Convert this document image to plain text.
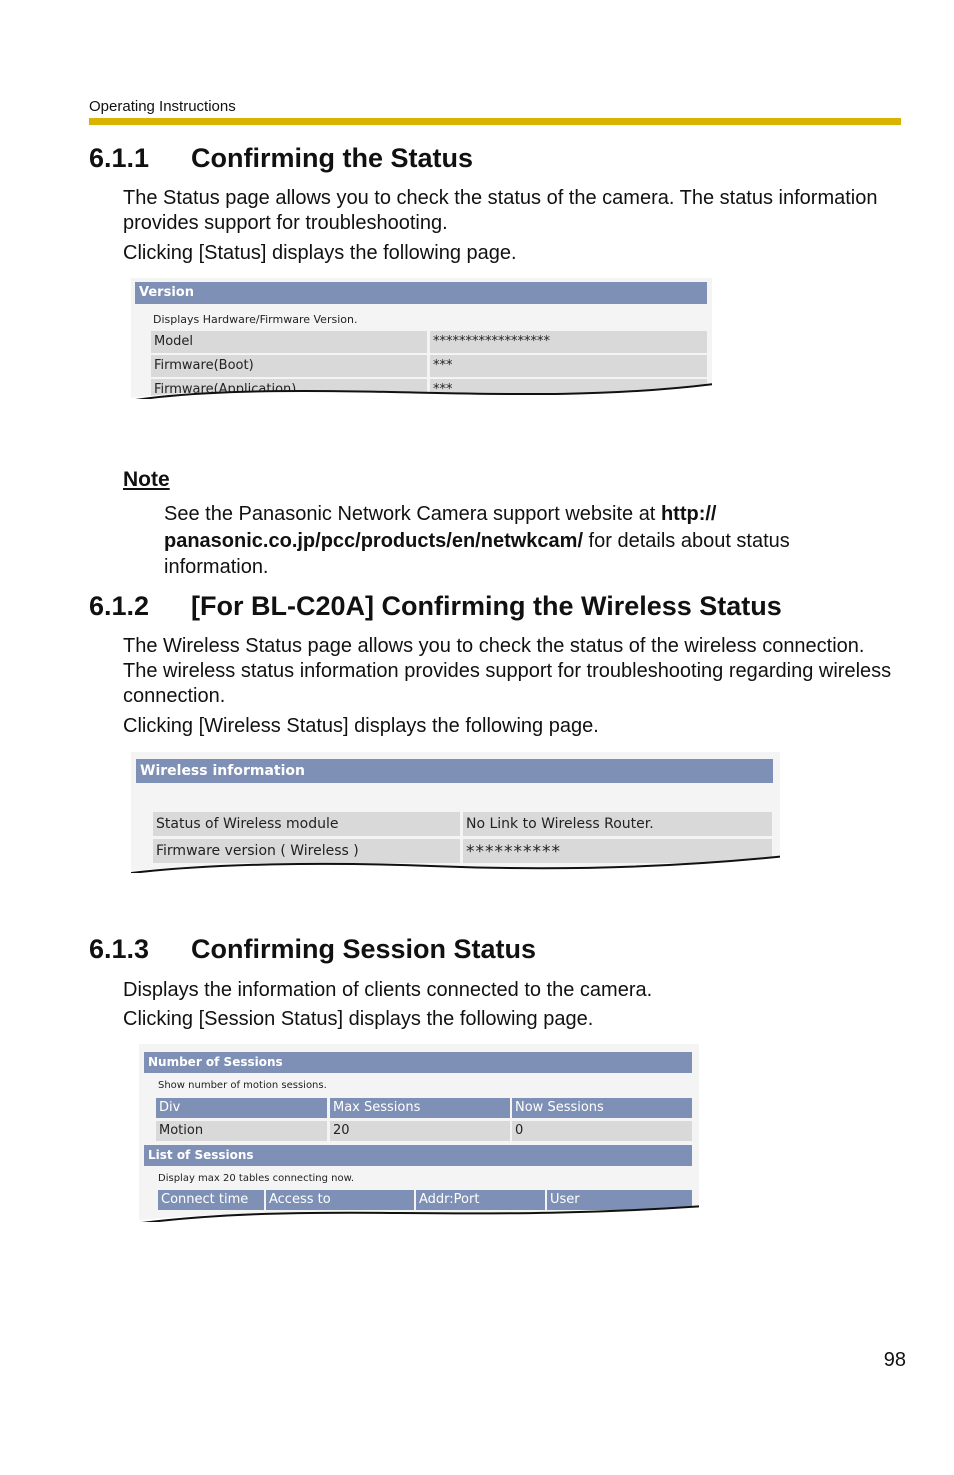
Operating Instructions
6.1.1 Confirming the Status

The Status page allows you to check the status of the camera. The status information provides support for troubleshooting.

Clicking [Status] displays the following page.

Version
Displays Hardware/Firmware Version.
Model	******************
Firmware(Boot)	***
Firmware(Application)	***
Note
See the Panasonic Network Camera support website at http:// panasonic.co.jp/pcc/products/en/netwkcam/ for details about status information.
6.1.2 [For BL-C20A] Confirming the Wireless Status

The Wireless Status page allows you to check the status of the wireless connection. The wireless status information provides support for troubleshooting regarding wireless connection.

Clicking [Wireless Status] displays the following page.

Wireless information
Status of Wireless module	No Link to Wireless Router.
Firmware version ( Wireless )	**********
6.1.3 Confirming Session Status

Displays the information of clients connected to the camera.

Clicking [Session Status] displays the following page.

Number of Sessions
Show number of motion sessions.
Div	Max Sessions	Now Sessions
Motion	20	0
List of Sessions
Display max 20 tables connecting now.
Connect time	Access to	Addr:Port	User
98
